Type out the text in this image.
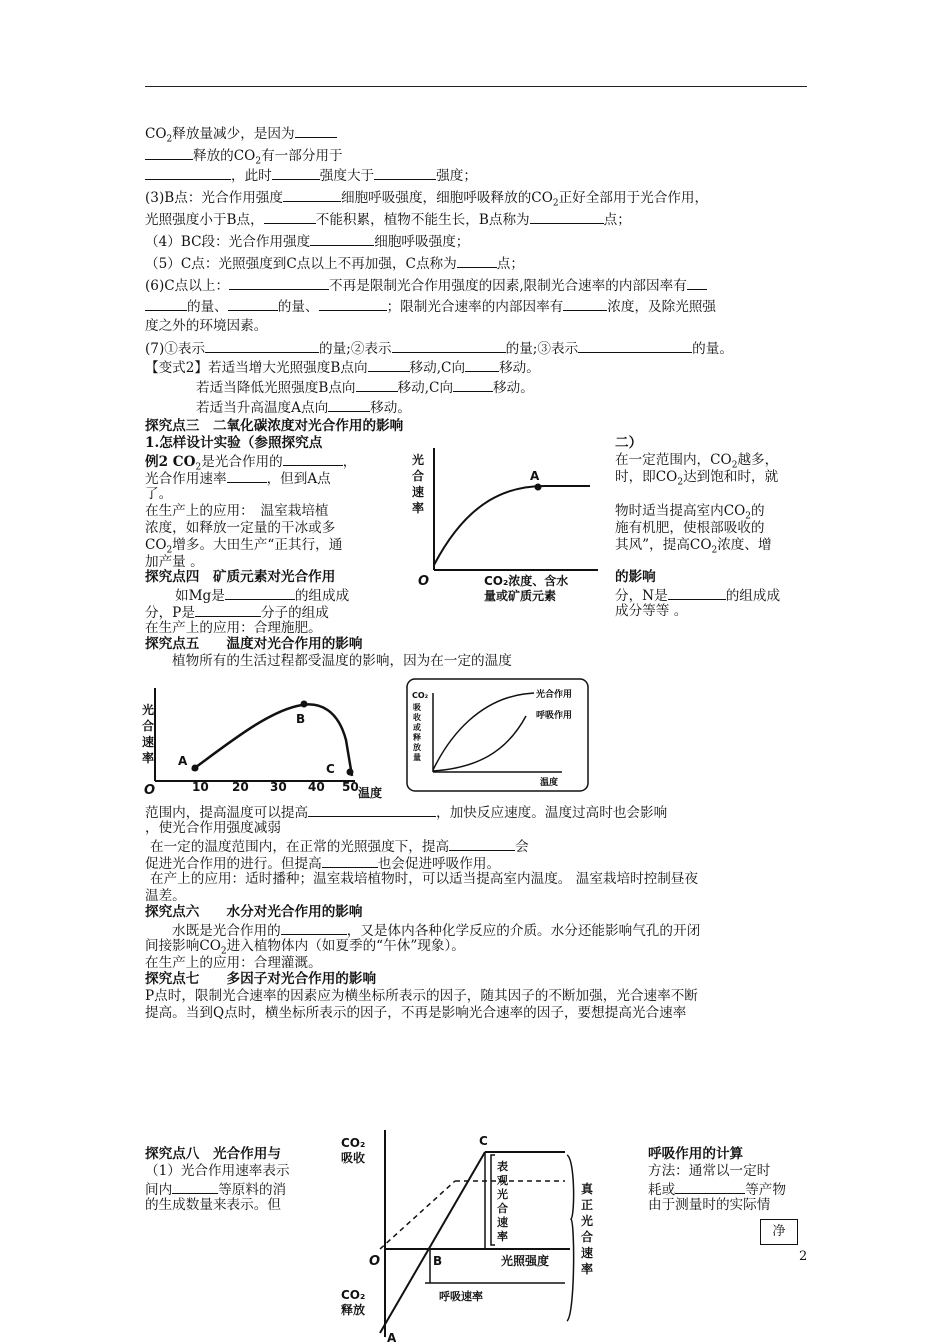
$CO_2$释放量减少，是因为
释放的$CO_2$有一部分用于
，此时	强度大于	强度；
(3)B点：光合作用强度	细胞呼吸强度，细胞呼吸释放的$CO_2$正好全部用于光合作用，
光照强度小于B点，	不能积累，植物不能生长，B点称为	点；
（4）BC段：光合作用强度	细胞呼吸强度；
（5）C点：光照强度到C点以上不再加强，C点称为	点；
(6)C点以上：	不再是限制光合作用强度的因素,限制光合速率的内部因率有
的量、	的量、	；限制光合速率的内部因率有	浓度，及除光照强
度之外的环境因素。
(7)①表示	的量;②表示	的量;③表示	的量。
【变式2】若适当增大光照强度B点向	移动,C向	移动。
若适当降低光照强度B点向	移动,C向	移动。
若适当升高温度A点向	移动。
探究点三　二氧化碳浓度对光合作用的影响
1.怎样设计实验（参照探究点	二）
例2 $CO_2$是光合作用的	，	在一定范围内，$CO_2$越多，
光合作用速率	，但到A点	时，即$CO_2$达到饱和时，就
了。
在生产上的应用：　温室栽培植	物时适当提高室内$CO_2$的
浓度，如释放一定量的干冰或多	施有机肥，使根部吸收的
$CO_2$增多。大田生产“正其行，通	其风”，提高$CO_2$浓度、增
加产量 。
A
光
合
速
率
O	CO₂浓度、含水
量或矿质元素
探究点四　矿质元素对光合作用	的影响
如Mg是	的组成成	分，N是	的组成成
分，P是	分子的组成	成分等等 。
在生产上的应用：合理施肥。
探究点五　　温度对光合作用的影响
植物所有的生活过程都受温度的影响，因为在一定的温度
A
B
C
光
合
速
率
O	10 20 30 40 50 温度
CO₂
吸
收
或
释
放
量
光合作用
呼吸作用
温度
范围内，提高温度可以提高	，加快反应速度。温度过高时也会影响
，使光合作用强度减弱
在一定的温度范围内，在正常的光照强度下，提高	会
促进光合作用的进行。但提高	也会促进呼吸作用。
在产上的应用：适时播种；温室栽培植物时，可以适当提高室内温度。 温室栽培时控制昼夜
温差。
探究点六　　水分对光合作用的影响
水既是光合作用的	，又是体内各种化学反应的介质。水分还能影响气孔的开闭
间接影响$CO_2$进入植物体内（如夏季的“午休”现象）。
在生产上的应用：合理灌溉。
探究点七　　多因子对光合作用的影响
P点时，限制光合速率的因素应为横坐标所表示的因子，随其因子的不断加强，光合速率不断
提高。当到Q点时，横坐标所表示的因子，不再是影响光合速率的因子，要想提高光合速率
探究点八　光合作用与	呼吸作用的计算
（1）光合作用速率表示	方法：通常以一定时
间内	等原料的消	耗或	等产物
的生成数量来表示。但	由于测量时的实际情
CO₂
吸收
CO₂
释放
O
A
B
C
光照强度
呼吸速率
表
观
光
合
速
率
真
正
光
合
速
率
净
2
